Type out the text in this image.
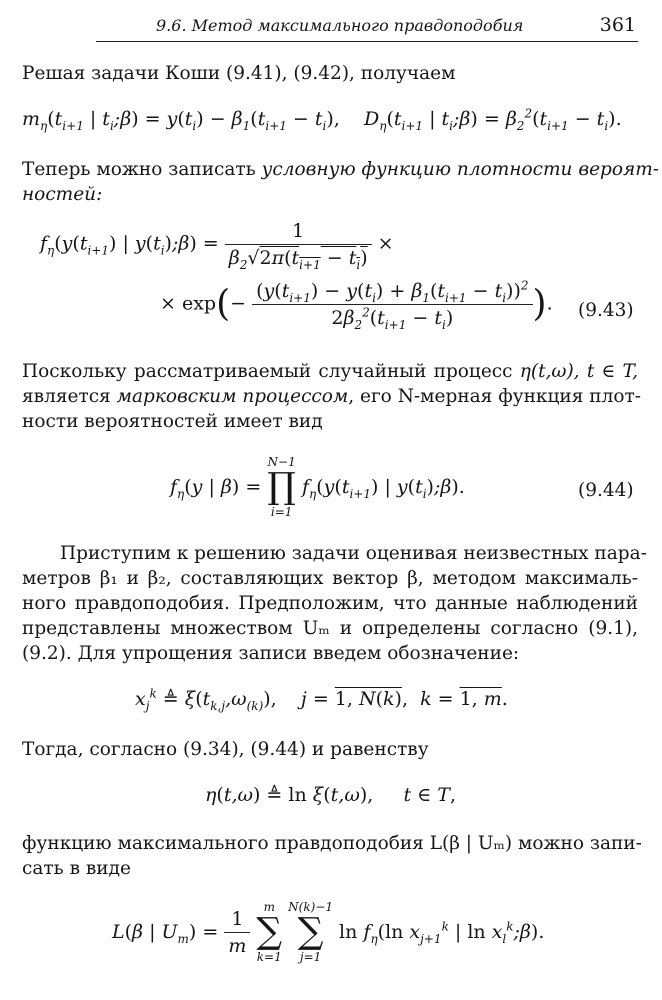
9.6. Метод максимального правдоподобия	361
Решая задачи Коши (9.41), (9.42), получаем
$m_\eta(t_{i+1}$ | $t_i;\beta) = y(t_i) - \beta_1(t_{i+1} - t_i)$,    $D_\eta(t_{i+1}$ | $t_i;\beta) = \beta_2^2(t_{i+1} - t_i)$.
Теперь можно записать условную функцию плотности вероят-
ностей:
$f_\eta(y(t_{i+1})$ | $y(t_i);\beta) = \frac{1}{\beta_2√2\pi(t_{i+1} - t_i)}$ ×
× $\exp(- \frac{(y(t_{i+1}) - y(t_i) + \beta_1(t_{i+1} - t_i))^2}{2\beta_2^2(t_{i+1} - t_i)}$ ). (9.43)
Поскольку рассматриваемый случайный процесс η(t,ω), t ∈ T,
является марковским процессом, его N-мерная функция плот-
ности вероятностей имеет вид
$f_\eta(y$ | β) = N−1
∏
i=1 $f_\eta(y(t_{i+1})$ | $y(t_i);\beta$).	(9.44)
Приступим к решению задачи оценивая неизвестных пара-
метров β₁ и β₂, составляющих вектор β, методом максималь-
ного правдоподобия. Предположим, что данные наблюдений
представлены множеством Uₘ и определены согласно (9.1),
(9.2). Для упрощения записи введем обозначение:
$x_j^k$ ≜ $\xi(t_{k,j},\omega_{(k)})$,    j = 1, N(k),  k = 1, m.
Тогда, согласно (9.34), (9.44) и равенству
η(t,ω) ≜ ln ξ(t,ω),     t ∈ T,
функцию максимального правдоподобия L(β | Uₘ) можно запи-
сать в виде
L(β | $U_m) = \frac{1}{m}$
m
∑
k=1 N(k)−1
∑
j=1 $\ln f_\eta(\ln$ $x_{j+1}^k$ | $\ln x_l^k;\beta$).
